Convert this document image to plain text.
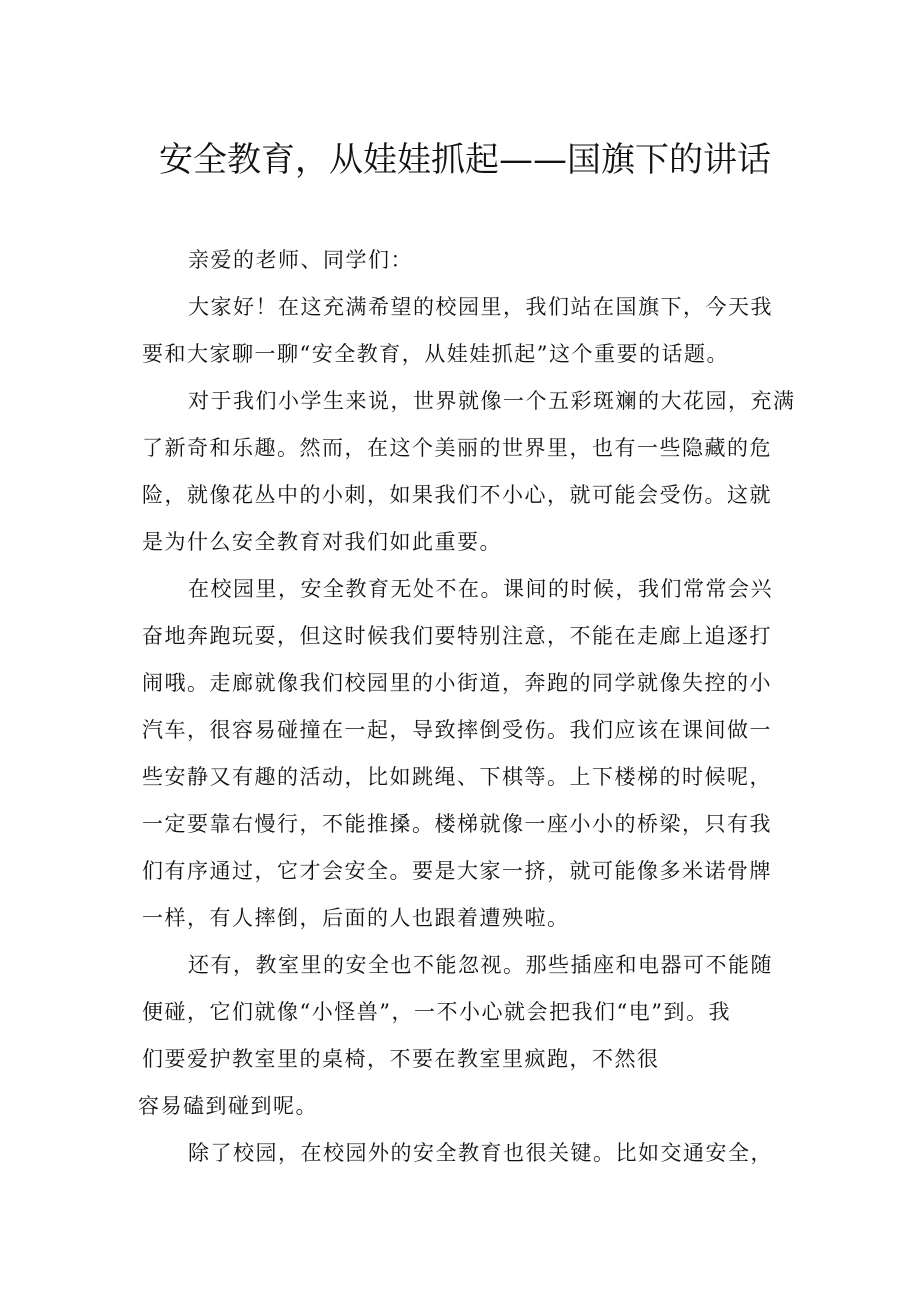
安全教育，从娃娃抓起——国旗下的讲话

亲爱的老师、同学们：

大家好！在这充满希望的校园里，我们站在国旗下，今天我
要和大家聊一聊“安全教育，从娃娃抓起”这个重要的话题。

对于我们小学生来说，世界就像一个五彩斑斓的大花园，充满
了新奇和乐趣。然而，在这个美丽的世界里，也有一些隐藏的危
险，就像花丛中的小刺，如果我们不小心，就可能会受伤。这就
是为什么安全教育对我们如此重要。

在校园里，安全教育无处不在。课间的时候，我们常常会兴
奋地奔跑玩耍，但这时候我们要特别注意，不能在走廊上追逐打
闹哦。走廊就像我们校园里的小街道，奔跑的同学就像失控的小
汽车，很容易碰撞在一起，导致摔倒受伤。我们应该在课间做一
些安静又有趣的活动，比如跳绳、下棋等。上下楼梯的时候呢，
一定要靠右慢行，不能推搡。楼梯就像一座小小的桥梁，只有我
们有序通过，它才会安全。要是大家一挤，就可能像多米诺骨牌
一样，有人摔倒，后面的人也跟着遭殃啦。

还有，教室里的安全也不能忽视。那些插座和电器可不能随
便碰，它们就像“小怪兽”，一不小心就会把我们“电”到。我
们要爱护教室里的桌椅，不要在教室里疯跑，不然很
容易磕到碰到呢。

除了校园，在校园外的安全教育也很关键。比如交通安全，
